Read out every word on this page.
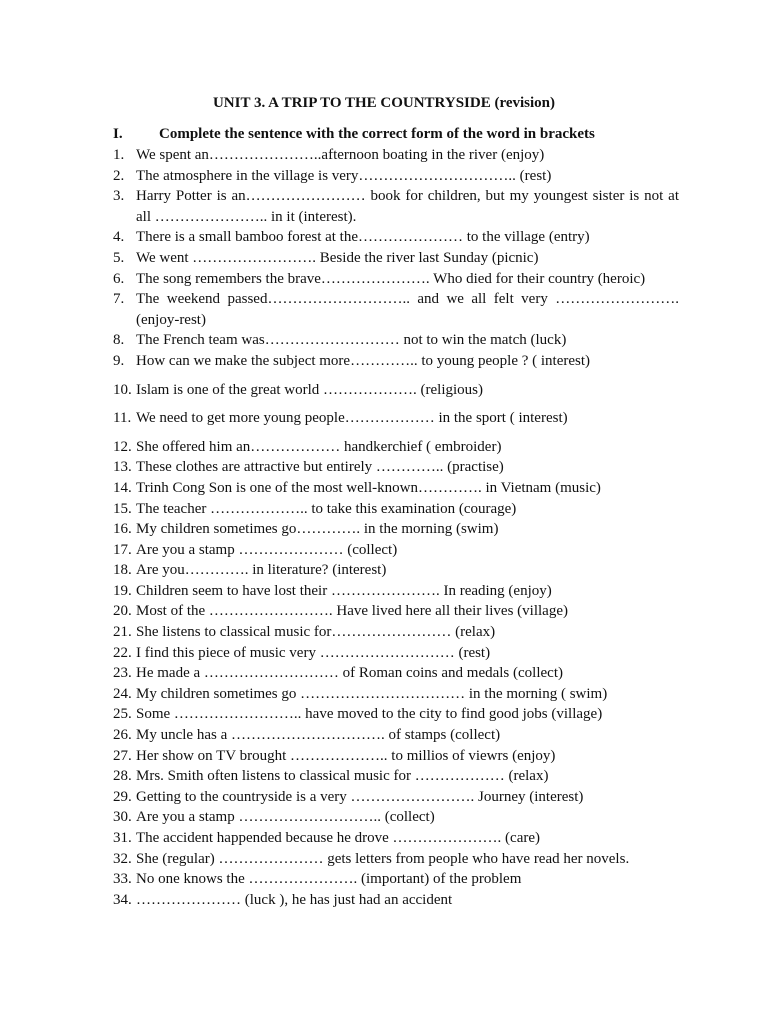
UNIT 3. A TRIP TO THE COUNTRYSIDE (revision)
I. Complete the sentence with the correct form of the word in brackets
1. We spent an…………………..afternoon boating in the river (enjoy)
2. The atmosphere in the village is very………………………….. (rest)
3. Harry Potter is an…………………… book for children, but my youngest sister is not at all ………………….. in it (interest).
4. There is a small bamboo forest at the………………… to the village (entry)
5. We went ……………………. Beside the river last Sunday (picnic)
6. The song remembers the brave…………………. Who died for their country (heroic)
7. The weekend passed……………………….. and we all felt very ……………………. (enjoy-rest)
8. The French team was……………………… not to win the match (luck)
9. How can we make the subject more………….. to young people ? ( interest)
10. Islam is one of the great world ………………. (religious)
11. We need to get more young people……………… in the sport ( interest)
12. She offered him an……………… handkerchief ( embroider)
13. These clothes are attractive but entirely ………….. (practise)
14. Trinh Cong Son is one of the most well-known…………. in Vietnam (music)
15. The teacher ……………….. to take this examination (courage)
16. My children sometimes go…………. in the morning (swim)
17. Are you a stamp ………………… (collect)
18. Are you…………. in literature? (interest)
19. Children seem to have lost their …………………. In reading (enjoy)
20. Most of the ……………………. Have lived here all their lives (village)
21. She listens to classical music for…………………… (relax)
22. I find this piece of music very ……………………… (rest)
23. He made a ……………………… of Roman coins and medals (collect)
24. My children sometimes go …………………………… in the morning ( swim)
25. Some …………………….. have moved to the city to find good jobs (village)
26. My uncle has a …………………………. of stamps (collect)
27. Her show on TV brought ……………….. to millios of viewrs (enjoy)
28. Mrs. Smith often listens to classical music for ……………… (relax)
29. Getting to the countryside is a very ……………………. Journey (interest)
30. Are you a stamp ……………………….. (collect)
31. The accident happended because he drove …………………. (care)
32. She (regular) ………………… gets letters from people who have read her novels.
33. No one knows the …………………. (important) of the problem
34. ………………… (luck ), he has just had an accident
